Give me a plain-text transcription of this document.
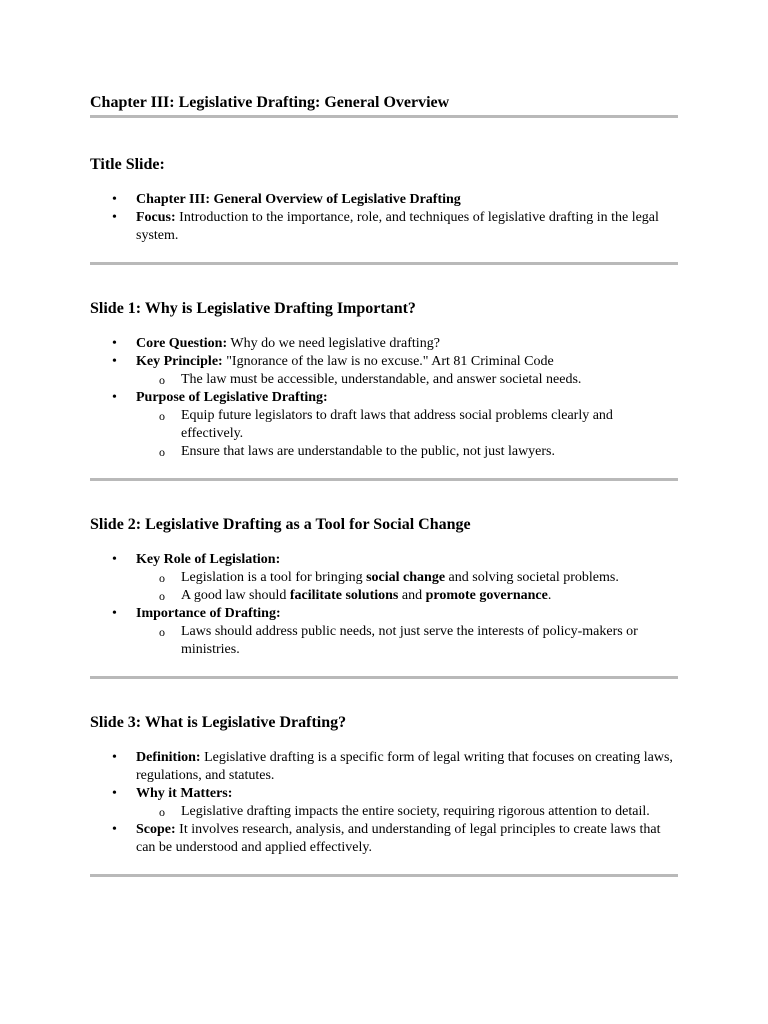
Chapter III: Legislative Drafting: General Overview
Title Slide:
• Chapter III: General Overview of Legislative Drafting
• Focus: Introduction to the importance, role, and techniques of legislative drafting in the legal system.
Slide 1: Why is Legislative Drafting Important?
• Core Question: Why do we need legislative drafting?
• Key Principle: "Ignorance of the law is no excuse." Art 81 Criminal Code
o The law must be accessible, understandable, and answer societal needs.
• Purpose of Legislative Drafting:
o Equip future legislators to draft laws that address social problems clearly and effectively.
o Ensure that laws are understandable to the public, not just lawyers.
Slide 2: Legislative Drafting as a Tool for Social Change
• Key Role of Legislation:
o Legislation is a tool for bringing social change and solving societal problems.
o A good law should facilitate solutions and promote governance.
• Importance of Drafting:
o Laws should address public needs, not just serve the interests of policy-makers or ministries.
Slide 3: What is Legislative Drafting?
• Definition: Legislative drafting is a specific form of legal writing that focuses on creating laws, regulations, and statutes.
• Why it Matters:
o Legislative drafting impacts the entire society, requiring rigorous attention to detail.
• Scope: It involves research, analysis, and understanding of legal principles to create laws that can be understood and applied effectively.
